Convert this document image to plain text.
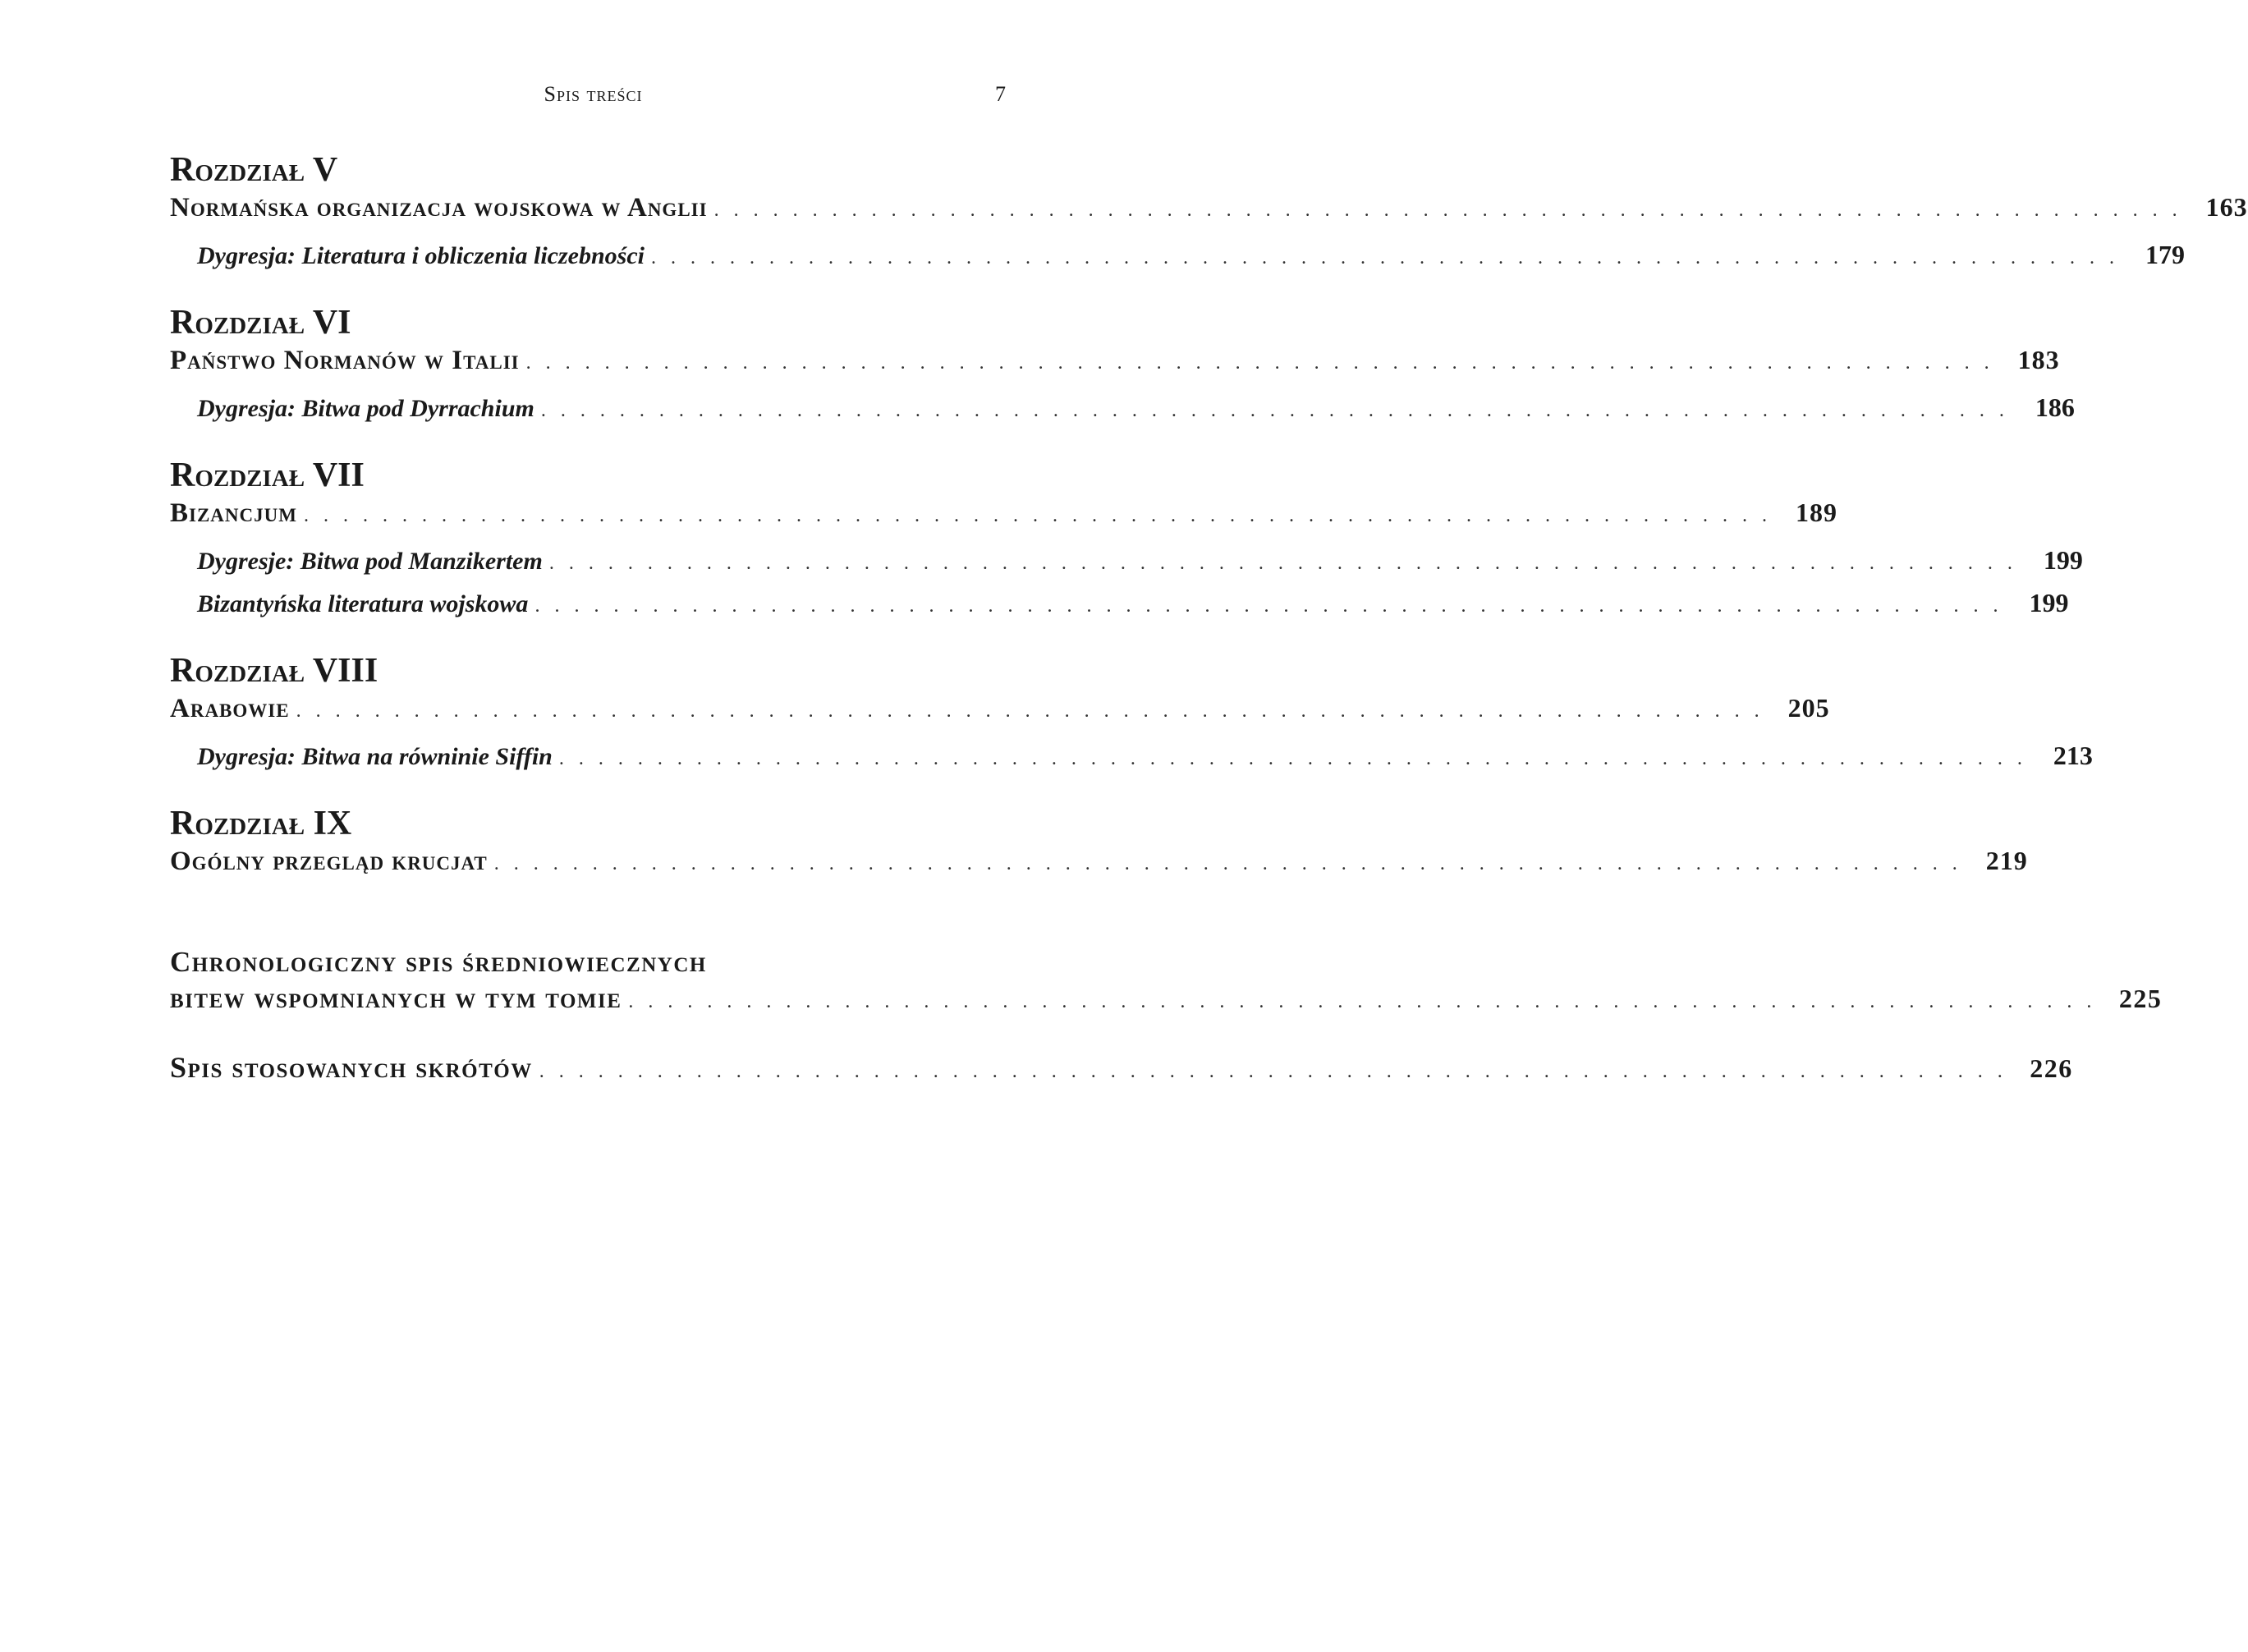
Spis treści	7
Rozdział V
Normańska organizacja wojskowa w Anglii . . . . . . . . . . . . . . . . . . . . . . . . . . . . . . . . . . . . . . . . . . . . . . . . . . . . . . . . . . . . . . . . . . . . . . . . . . . 163
Dygresja: Literatura i obliczenia liczebności . . . . . . . . . . . . . . . . . . . . . . . . . . . . . . . . . . . . . . . . . . . . . . . . . . . . . . . . . . . . . . . . . . . . . . . . . . .	179
Rozdział VI
Państwo Normanów w Italii . . . . . . . . . . . . . . . . . . . . . . . . . . . . . . . . . . . . . . . . . . . . . . . . . . . . . . . . . . . . . . . . . . . . . . . . . . . 183
Dygresja: Bitwa pod Dyrrachium . . . . . . . . . . . . . . . . . . . . . . . . . . . . . . . . . . . . . . . . . . . . . . . . . . . . . . . . . . . . . . . . . . . . . . . . . . .	186
Rozdział VII
Bizancjum . . . . . . . . . . . . . . . . . . . . . . . . . . . . . . . . . . . . . . . . . . . . . . . . . . . . . . . . . . . . . . . . . . . . . . . . . . . 189
Dygresje: Bitwa pod Manzikertem . . . . . . . . . . . . . . . . . . . . . . . . . . . . . . . . . . . . . . . . . . . . . . . . . . . . . . . . . . . . . . . . . . . . . . . . . . .	199
Bizantyńska literatura wojskowa . . . . . . . . . . . . . . . . . . . . . . . . . . . . . . . . . . . . . . . . . . . . . . . . . . . . . . . . . . . . . . . . . . . . . . . . . . .	199
Rozdział VIII
Arabowie . . . . . . . . . . . . . . . . . . . . . . . . . . . . . . . . . . . . . . . . . . . . . . . . . . . . . . . . . . . . . . . . . . . . . . . . . . . 205
Dygresja: Bitwa na równinie Siffin . . . . . . . . . . . . . . . . . . . . . . . . . . . . . . . . . . . . . . . . . . . . . . . . . . . . . . . . . . . . . . . . . . . . . . . . . . .	213
Rozdział IX
Ogólny przegląd krucjat . . . . . . . . . . . . . . . . . . . . . . . . . . . . . . . . . . . . . . . . . . . . . . . . . . . . . . . . . . . . . . . . . . . . . . . . . . . 219
Chronologiczny spis średniowiecznych
bitew wspomnianych w tym tomie . . . . . . . . . . . . . . . . . . . . . . . . . . . . . . . . . . . . . . . . . . . . . . . . . . . . . . . . . . . . . . . . . . . . . . . . . . . 225
Spis stosowanych skrótów . . . . . . . . . . . . . . . . . . . . . . . . . . . . . . . . . . . . . . . . . . . . . . . . . . . . . . . . . . . . . . . . . . . . . . . . . . . 226
